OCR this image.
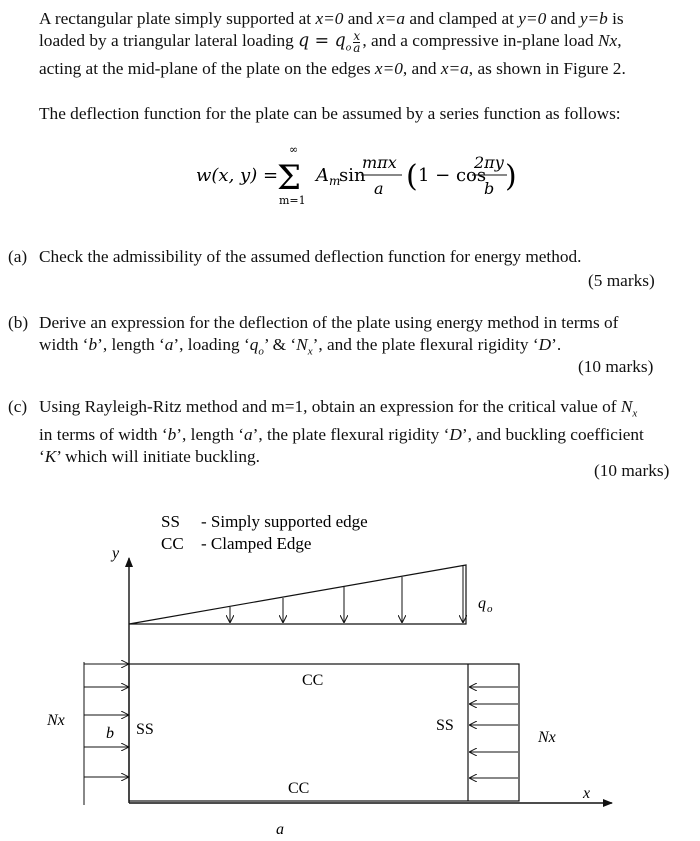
A rectangular plate simply supported at x=0 and x=a and clamped at y=0 and y=b is
loaded by a triangular lateral loading $q = q_o \frac{x}{a}$ , and a compressive in-plane load Nx,
acting at the mid-plane of the plate on the edges x=0, and x=a, as shown in Figure 2.
The deflection function for the plate can be assumed by a series function as follows:
w(x, y) =
∞
Σ
m=1
A m
sin
mπx
a ( 1 − cos
2πy
b )
(a) Check the admissibility of the assumed deflection function for energy method.
(5 marks)
(b) Derive an expression for the deflection of the plate using energy method in terms of
width ‘b’, length ‘a’, loading ‘$q_o$’ & ‘$N_x$’, and the plate flexural rigidity ‘D’.
(10 marks)
(c) Using Rayleigh-Ritz method and m=1, obtain an expression for the critical value of $N_x$
in terms of width ‘b’, length ‘a’, the plate flexural rigidity ‘D’, and buckling coefficient
‘K’ which will initiate buckling.
(10 marks)
SS - Simply supported edge
CC - Clamped Edge
y
x
q o
CC
CC
SS	SS
Nx
b	Nx
a
